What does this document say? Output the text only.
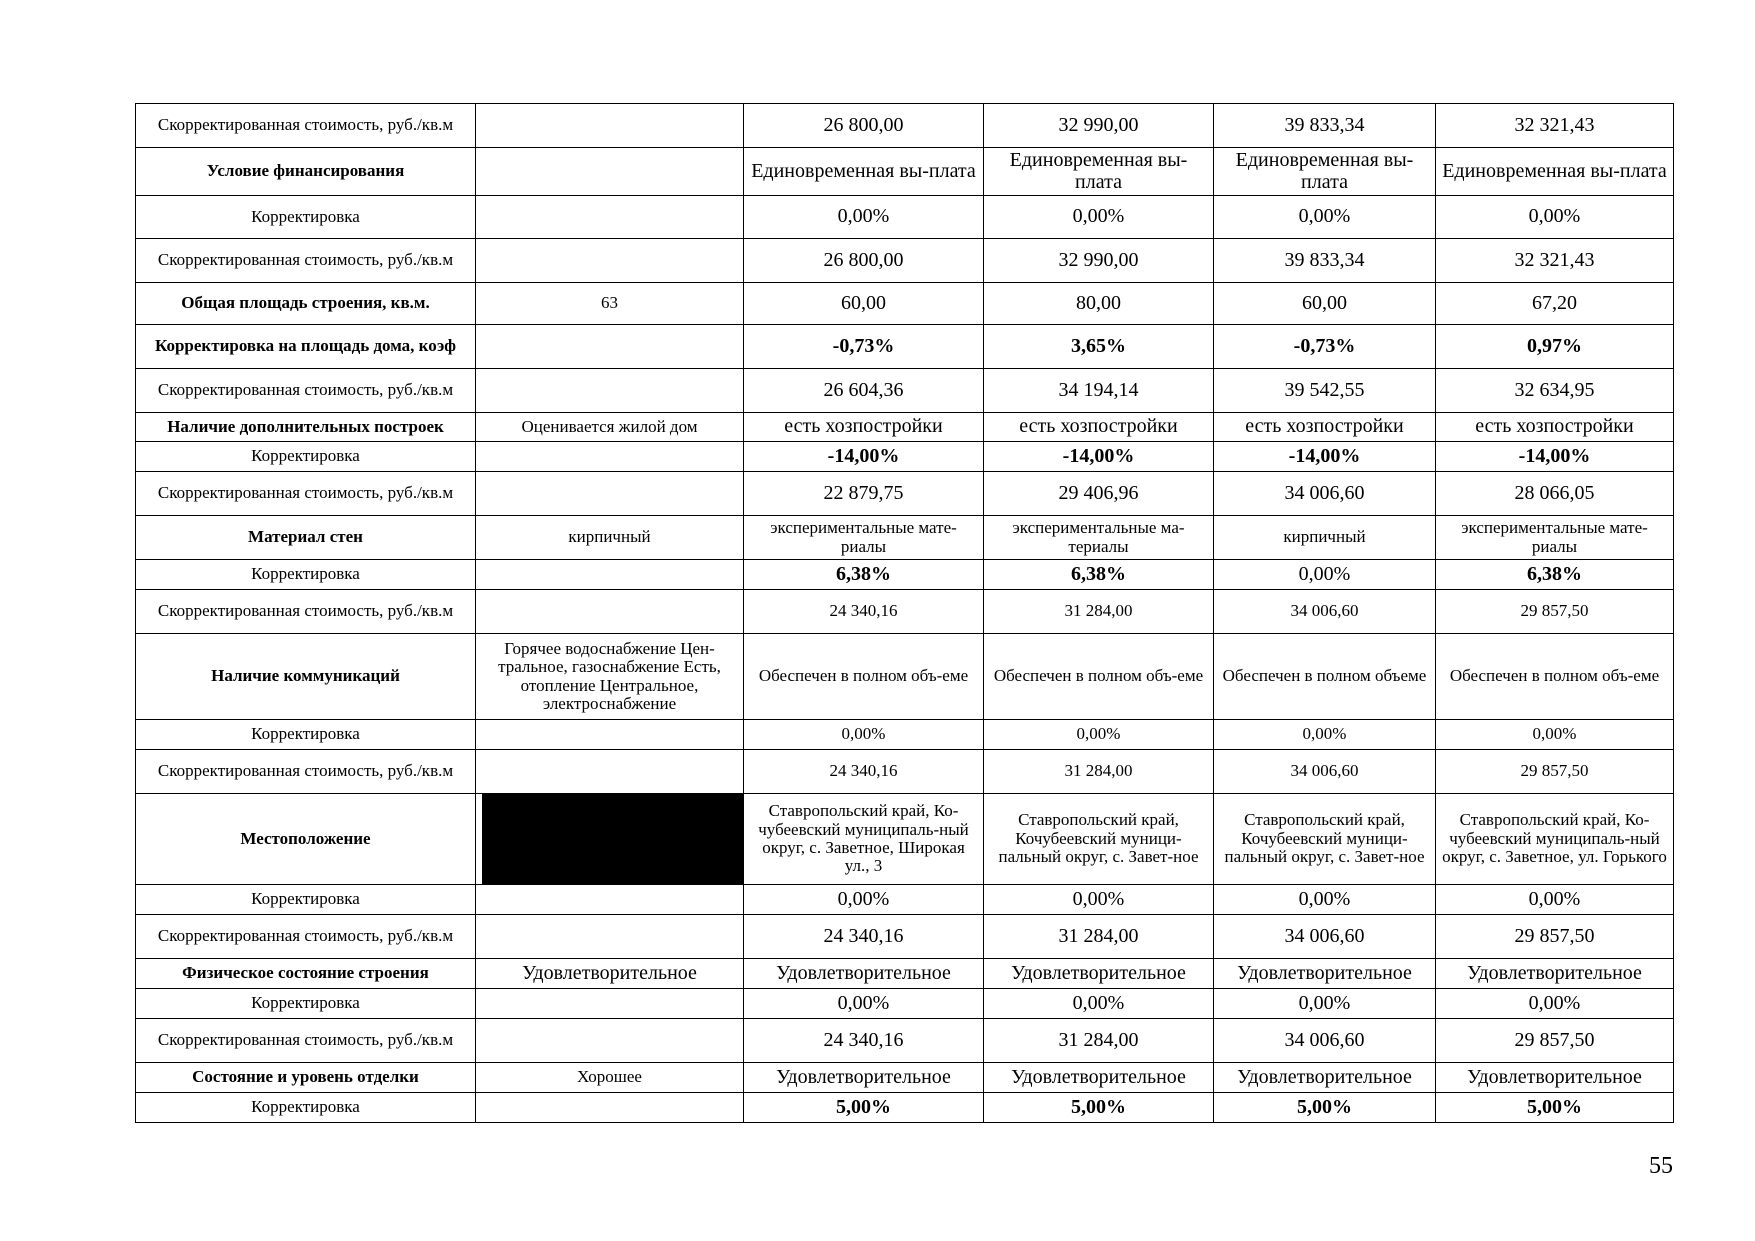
Скорректированная стоимость, руб./кв.м		26 800,00	32 990,00	39 833,34	32 321,43
Условие финансирования		Единовременная вы-плата	Единовременная вы-плата	Единовременная вы-плата	Единовременная вы-плата
Корректировка		0,00%	0,00%	0,00%	0,00%
Скорректированная стоимость, руб./кв.м		26 800,00	32 990,00	39 833,34	32 321,43
Общая площадь строения, кв.м.	63	60,00	80,00	60,00	67,20
Корректировка на площадь дома, коэф		-0,73%	3,65%	-0,73%	0,97%
Скорректированная стоимость, руб./кв.м		26 604,36	34 194,14	39 542,55	32 634,95
Наличие дополнительных построек	Оценивается жилой дом	есть хозпостройки	есть хозпостройки	есть хозпостройки	есть хозпостройки
Корректировка		-14,00%	-14,00%	-14,00%	-14,00%
Скорректированная стоимость, руб./кв.м		22 879,75	29 406,96	34 006,60	28 066,05
Материал стен	кирпичный	экспериментальные мате-риалы	экспериментальные ма-териалы	кирпичный	экспериментальные мате-риалы
Корректировка		6,38%	6,38%	0,00%	6,38%
Скорректированная стоимость, руб./кв.м		24 340,16	31 284,00	34 006,60	29 857,50
Наличие коммуникаций	Горячее водоснабжение Цен-тральное, газоснабжение Есть, отопление Центральное, электроснабжение	Обеспечен в полном объ-еме	Обеспечен в полном объ-еме	Обеспечен в полном объеме	Обеспечен в полном объ-еме
Корректировка		0,00%	0,00%	0,00%	0,00%
Скорректированная стоимость, руб./кв.м		24 340,16	31 284,00	34 006,60	29 857,50
Местоположение		Ставропольский край, Ко-чубеевский муниципаль-ный округ, с. Заветное, Широкая ул., 3	Ставропольский край, Кочубеевский муници-пальный округ, с. Завет-ное	Ставропольский край, Кочубеевский муници-пальный округ, с. Завет-ное	Ставропольский край, Ко-чубеевский муниципаль-ный округ, с. Заветное, ул. Горького
Корректировка		0,00%	0,00%	0,00%	0,00%
Скорректированная стоимость, руб./кв.м		24 340,16	31 284,00	34 006,60	29 857,50
Физическое состояние строения	Удовлетворительное	Удовлетворительное	Удовлетворительное	Удовлетворительное	Удовлетворительное
Корректировка		0,00%	0,00%	0,00%	0,00%
Скорректированная стоимость, руб./кв.м		24 340,16	31 284,00	34 006,60	29 857,50
Состояние и уровень отделки	Хорошее	Удовлетворительное	Удовлетворительное	Удовлетворительное	Удовлетворительное
Корректировка		5,00%	5,00%	5,00%	5,00%
55
